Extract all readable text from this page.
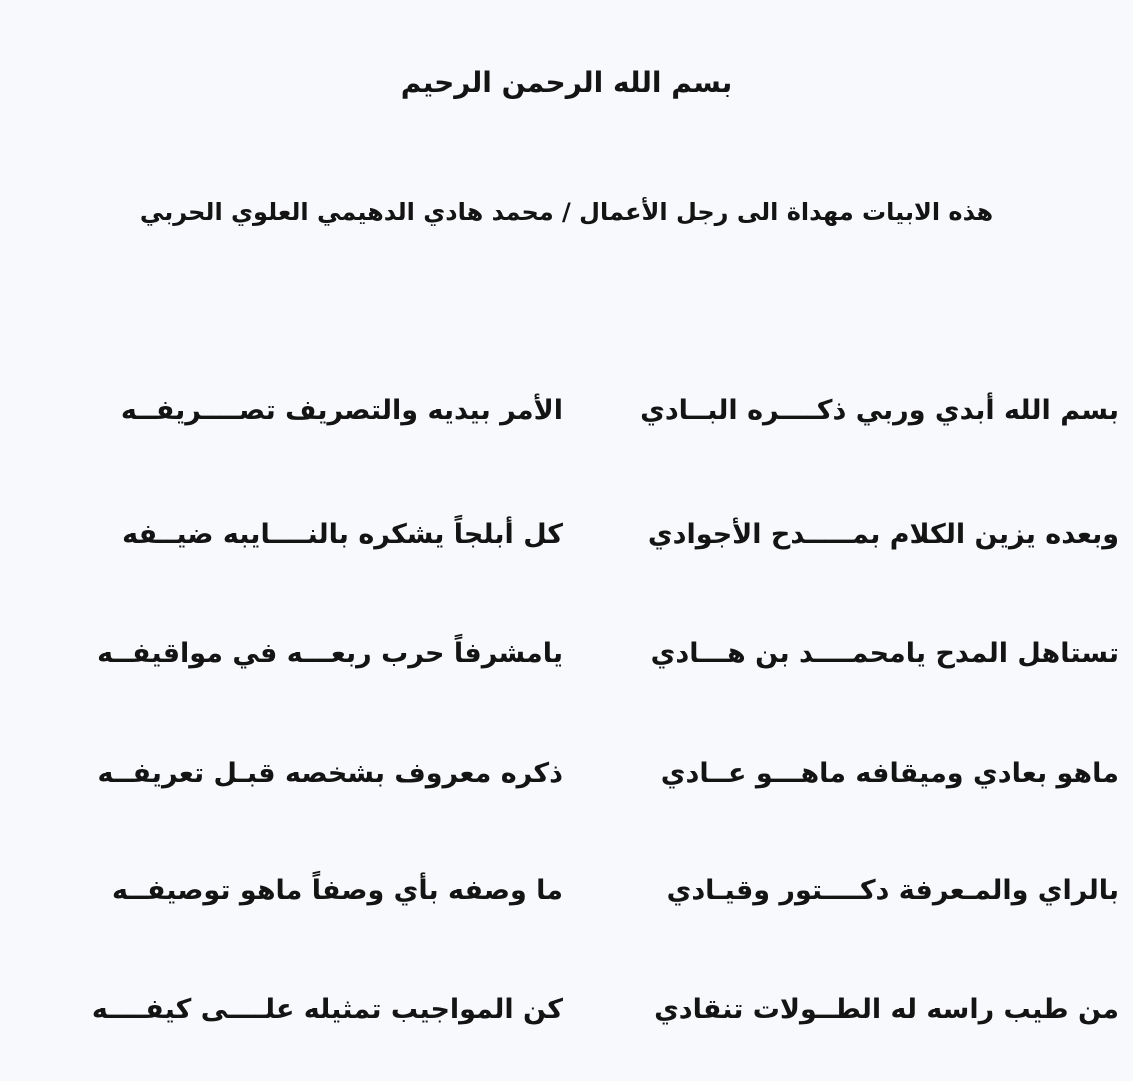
بسم الله الرحمن الرحيم
هذه الابيات مهداة الى رجل الأعمال / محمد هادي الدهيمي العلوي الحربي
بسم الله أبدي وربي ذكــــره البــادي
الأمر بيديه والتصريف تصــــريفــه
وبعده يزين الكلام بمـــــدح الأجوادي
كل أبلجاً يشكره بالنــــايبه ضيــفه
تستاهل المدح يامحمــــد بن هـــادي
يامشرفاً حرب ربعـــه في مواقيفــه
ماهو بعادي وميقافه ماهـــو عــادي
ذكره معروف بشخصه قبـل تعريفــه
بالراي والمـعرفة دكــــتور وقيـادي
ما وصفه بأي وصفاً ماهو توصيفــه
من طيب راسه له الطــولات تنقادي
كن المواجيب تمثيله علــــى كيفــــه
